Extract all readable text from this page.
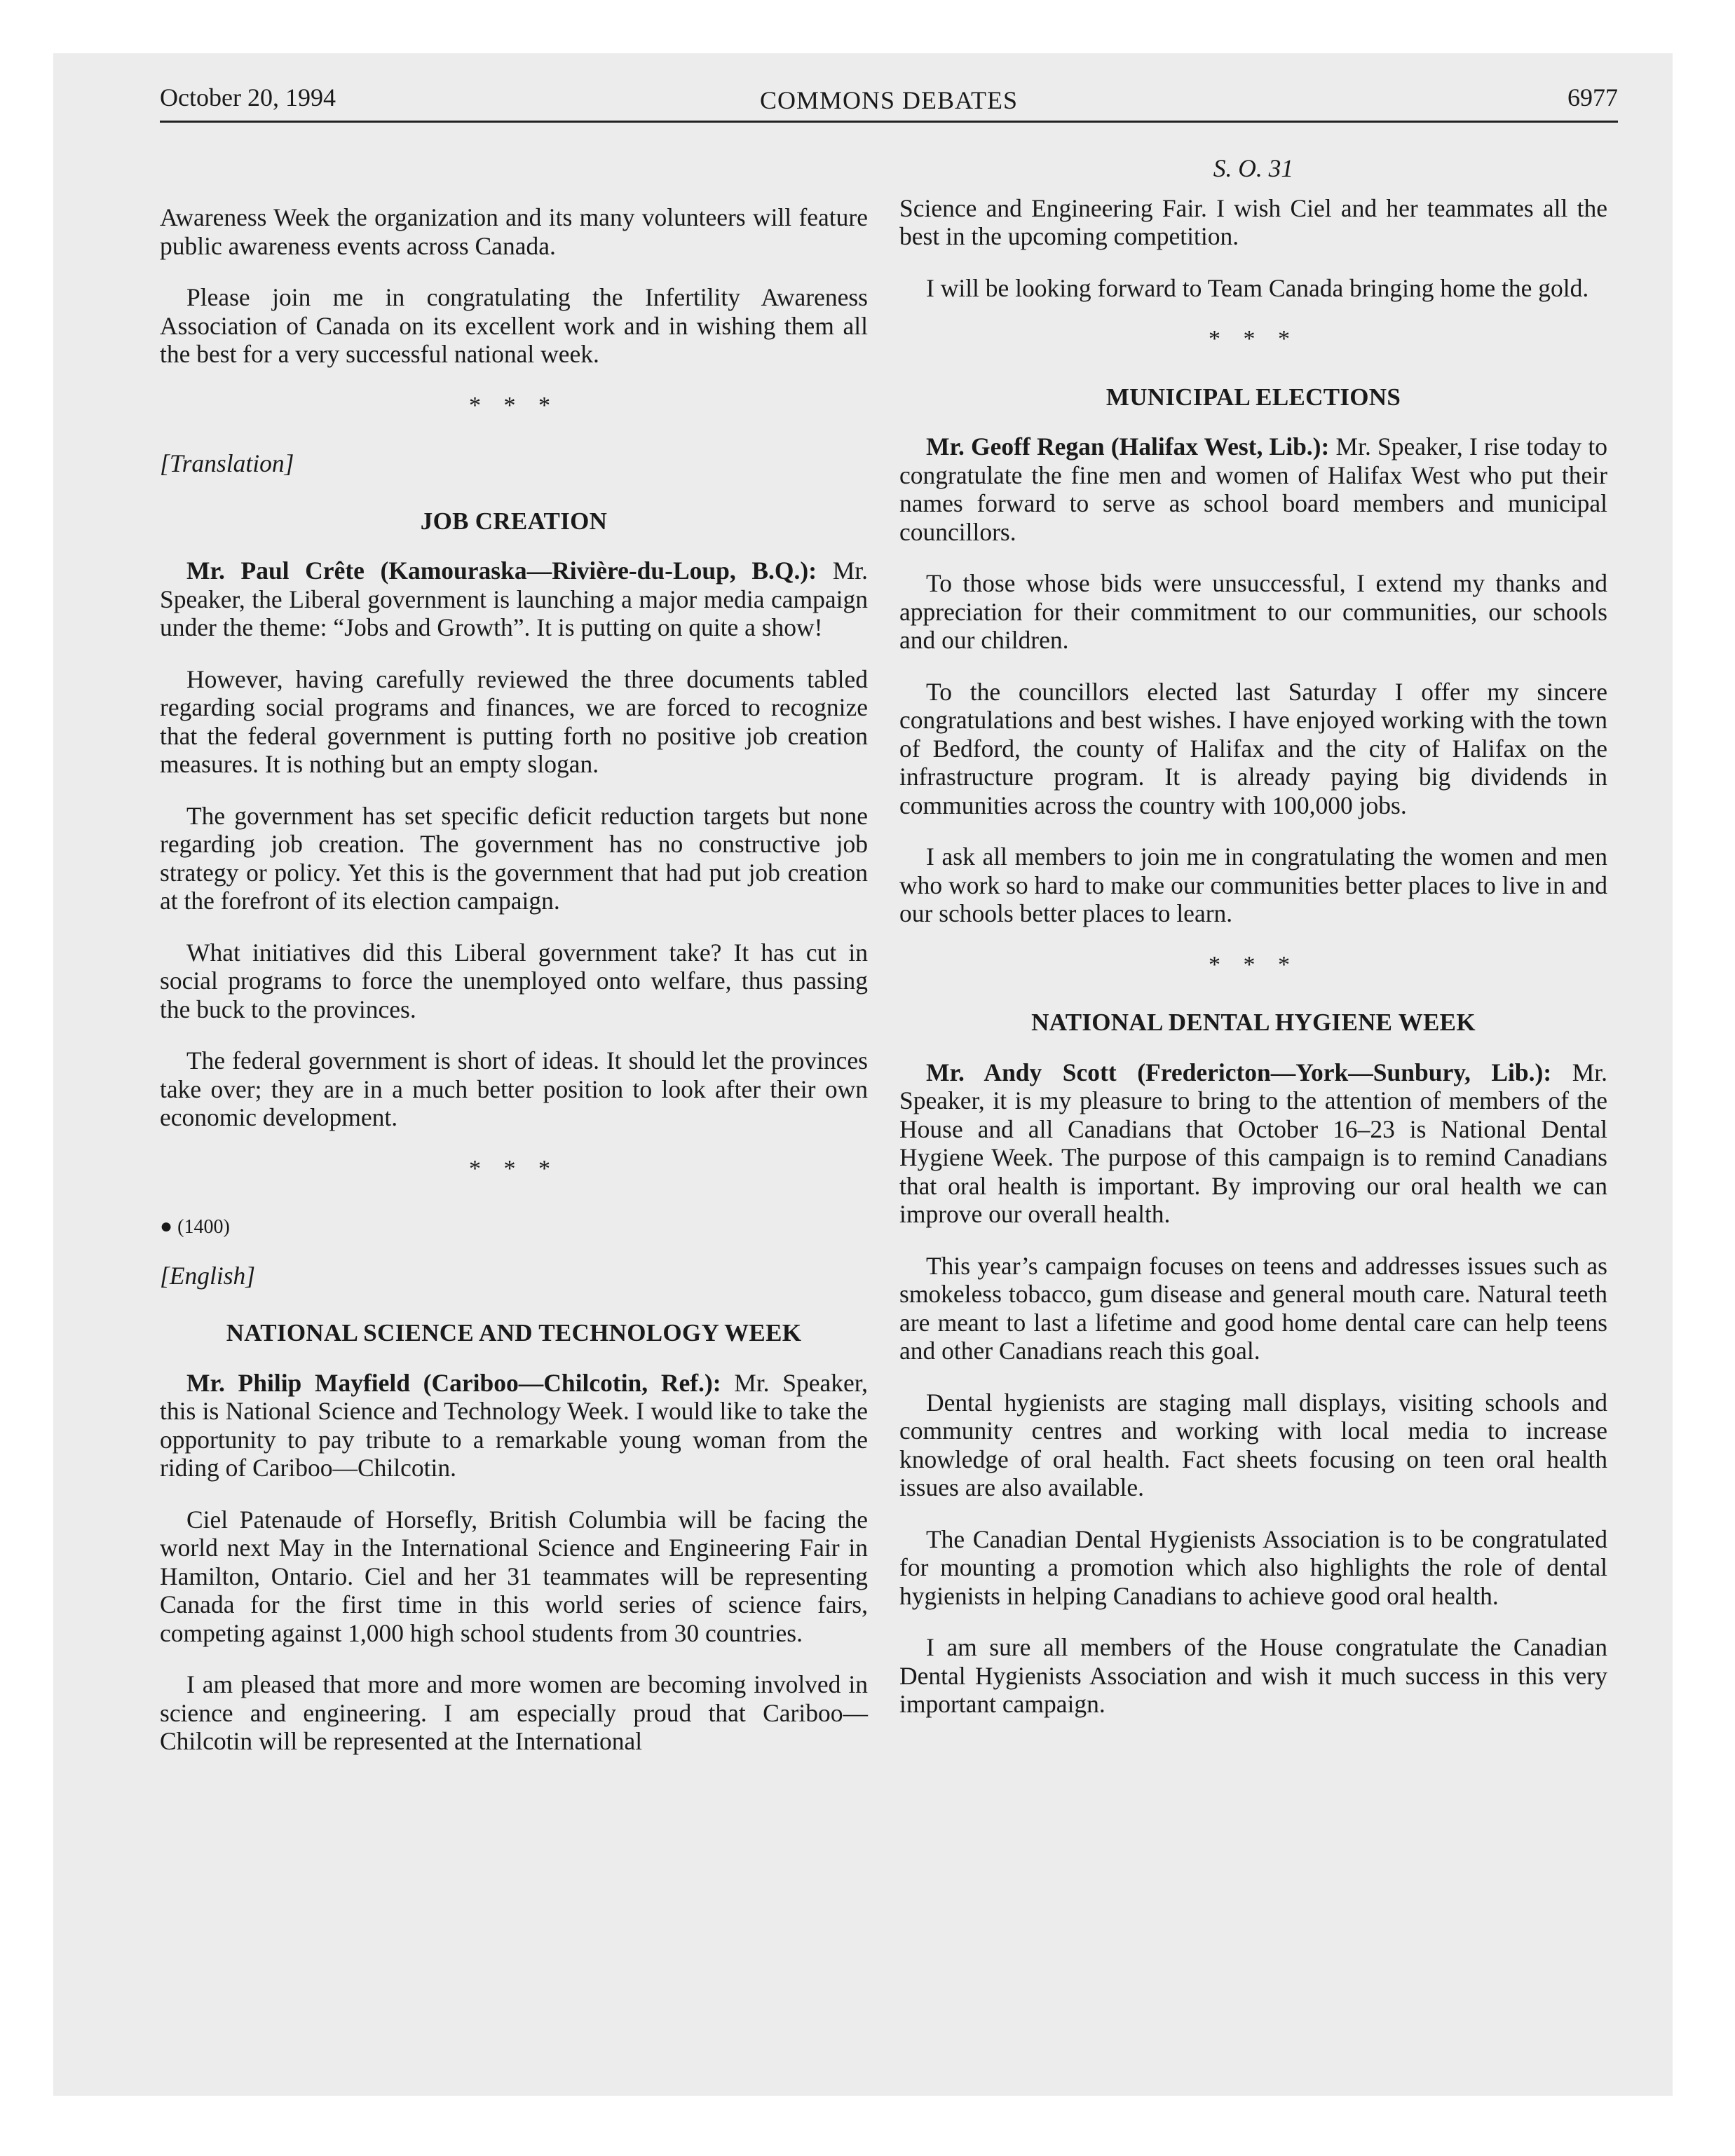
October 20, 1994	COMMONS DEBATES	6977

Awareness Week the organization and its many volunteers will feature public awareness events across Canada.

Please join me in congratulating the Infertility Awareness Association of Canada on its excellent work and in wishing them all the best for a very successful national week.

* * *
[Translation]
JOB CREATION

Mr. Paul Crête (Kamouraska—Rivière-du-Loup, B.Q.): Mr. Speaker, the Liberal government is launching a major media campaign under the theme: “Jobs and Growth”. It is putting on quite a show!

However, having carefully reviewed the three documents tabled regarding social programs and finances, we are forced to recognize that the federal government is putting forth no positive job creation measures. It is nothing but an empty slogan.

The government has set specific deficit reduction targets but none regarding job creation. The government has no constructive job strategy or policy. Yet this is the government that had put job creation at the forefront of its election campaign.

What initiatives did this Liberal government take? It has cut in social programs to force the unemployed onto welfare, thus passing the buck to the provinces.

The federal government is short of ideas. It should let the provinces take over; they are in a much better position to look after their own economic development.

* * *
● (1400)
[English]
NATIONAL SCIENCE AND TECHNOLOGY WEEK

Mr. Philip Mayfield (Cariboo—Chilcotin, Ref.): Mr. Speaker, this is National Science and Technology Week. I would like to take the opportunity to pay tribute to a remarkable young woman from the riding of Cariboo—Chilcotin.

Ciel Patenaude of Horsefly, British Columbia will be facing the world next May in the International Science and Engineering Fair in Hamilton, Ontario. Ciel and her 31 teammates will be representing Canada for the first time in this world series of science fairs, competing against 1,000 high school students from 30 countries.

I am pleased that more and more women are becoming involved in science and engineering. I am especially proud that Cariboo—Chilcotin will be represented at the International

S. O. 31

Science and Engineering Fair. I wish Ciel and her teammates all the best in the upcoming competition.

I will be looking forward to Team Canada bringing home the gold.

* * *
MUNICIPAL ELECTIONS

Mr. Geoff Regan (Halifax West, Lib.): Mr. Speaker, I rise today to congratulate the fine men and women of Halifax West who put their names forward to serve as school board members and municipal councillors.

To those whose bids were unsuccessful, I extend my thanks and appreciation for their commitment to our communities, our schools and our children.

To the councillors elected last Saturday I offer my sincere congratulations and best wishes. I have enjoyed working with the town of Bedford, the county of Halifax and the city of Halifax on the infrastructure program. It is already paying big dividends in communities across the country with 100,000 jobs.

I ask all members to join me in congratulating the women and men who work so hard to make our communities better places to live in and our schools better places to learn.

* * *
NATIONAL DENTAL HYGIENE WEEK

Mr. Andy Scott (Fredericton—York—Sunbury, Lib.): Mr. Speaker, it is my pleasure to bring to the attention of members of the House and all Canadians that October 16–23 is National Dental Hygiene Week. The purpose of this campaign is to remind Canadians that oral health is important. By improving our oral health we can improve our overall health.

This year’s campaign focuses on teens and addresses issues such as smokeless tobacco, gum disease and general mouth care. Natural teeth are meant to last a lifetime and good home dental care can help teens and other Canadians reach this goal.

Dental hygienists are staging mall displays, visiting schools and community centres and working with local media to increase knowledge of oral health. Fact sheets focusing on teen oral health issues are also available.

The Canadian Dental Hygienists Association is to be congratulated for mounting a promotion which also highlights the role of dental hygienists in helping Canadians to achieve good oral health.

I am sure all members of the House congratulate the Canadian Dental Hygienists Association and wish it much success in this very important campaign.
